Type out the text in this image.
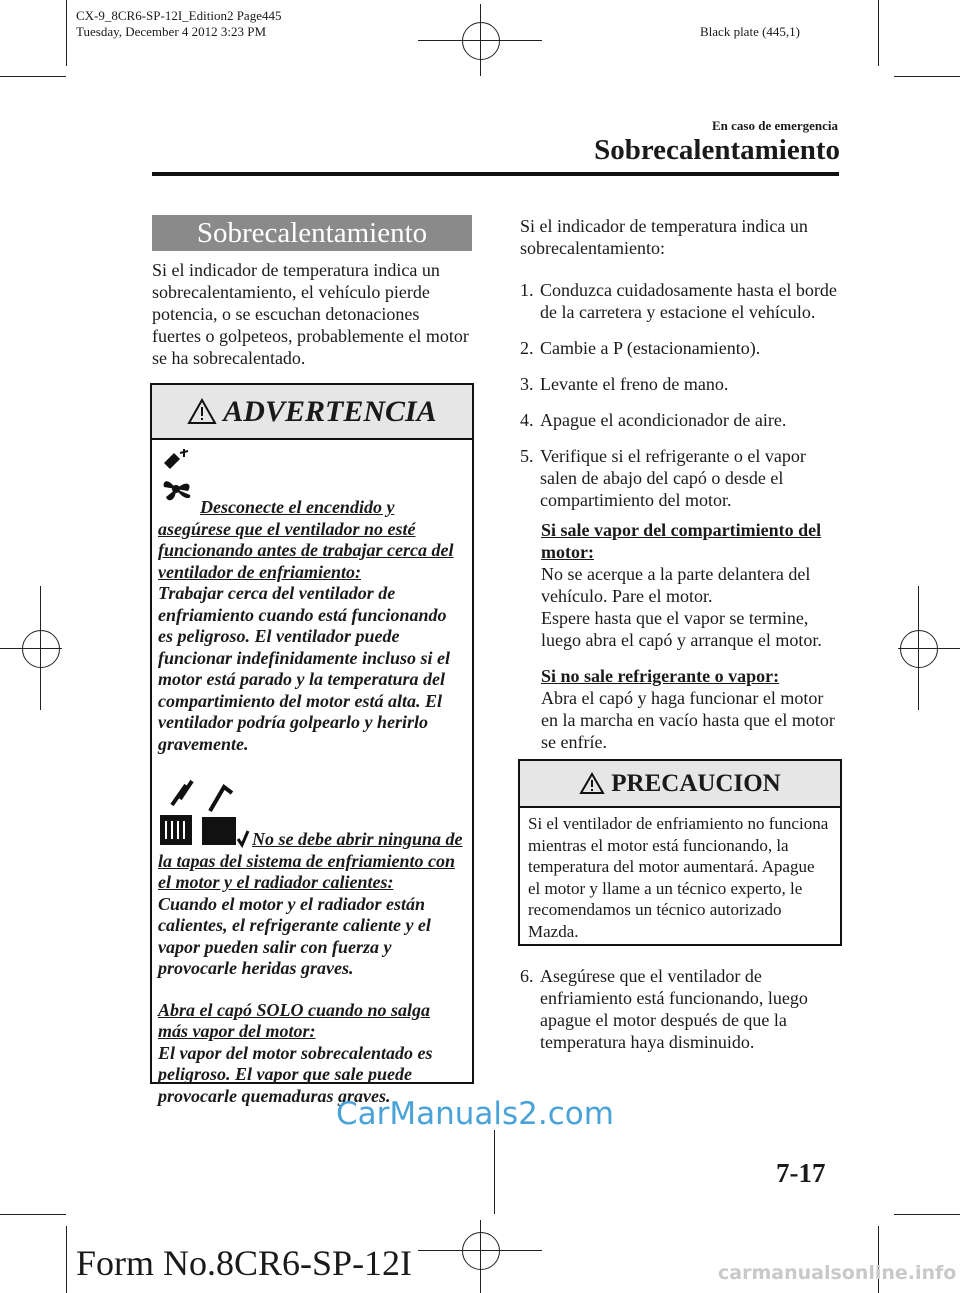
CX-9_8CR6-SP-12I_Edition2 Page445
Tuesday, December 4 2012 3:23 PM	Black plate (445,1)
En caso de emergencia
Sobrecalentamiento
Sobrecalentamiento
Si el indicador de temperatura indica un sobrecalentamiento, el vehículo pierde potencia, o se escuchan detonaciones fuertes o golpeteos, probablemente el motor se ha sobrecalentado.
ADVERTENCIA
Desconecte el encendido y asegúrese que el ventilador no esté funcionando antes de trabajar cerca del ventilador de enfriamiento:
Trabajar cerca del ventilador de enfriamiento cuando está funcionando es peligroso. El ventilador puede funcionar indefinidamente incluso si el motor está parado y la temperatura del compartimiento del motor está alta. El ventilador podría golpearlo y herirlo gravemente.
No se debe abrir ninguna de la tapas del sistema de enfriamiento con el motor y el radiador calientes:
Cuando el motor y el radiador están calientes, el refrigerante caliente y el vapor pueden salir con fuerza y provocarle heridas graves.
Abra el capó SOLO cuando no salga más vapor del motor:
El vapor del motor sobrecalentado es peligroso. El vapor que sale puede provocarle quemaduras graves.
Si el indicador de temperatura indica un sobrecalentamiento:
1. Conduzca cuidadosamente hasta el borde de la carretera y estacione el vehículo.
2. Cambie a P (estacionamiento).
3. Levante el freno de mano.
4. Apague el acondicionador de aire.
5. Verifique si el refrigerante o el vapor salen de abajo del capó o desde el compartimiento del motor.
Si sale vapor del compartimiento del motor:
No se acerque a la parte delantera del vehículo. Pare el motor.
Espere hasta que el vapor se termine, luego abra el capó y arranque el motor.
Si no sale refrigerante o vapor:
Abra el capó y haga funcionar el motor en la marcha en vacío hasta que el motor se enfríe.
PRECAUCION
Si el ventilador de enfriamiento no funciona mientras el motor está funcionando, la temperatura del motor aumentará. Apague el motor y llame a un técnico experto, le recomendamos un técnico autorizado Mazda.
6. Asegúrese que el ventilador de enfriamiento está funcionando, luego apague el motor después de que la temperatura haya disminuido.
CarManuals2.com
7-17
Form No.8CR6-SP-12I	carmanualsonline.info
